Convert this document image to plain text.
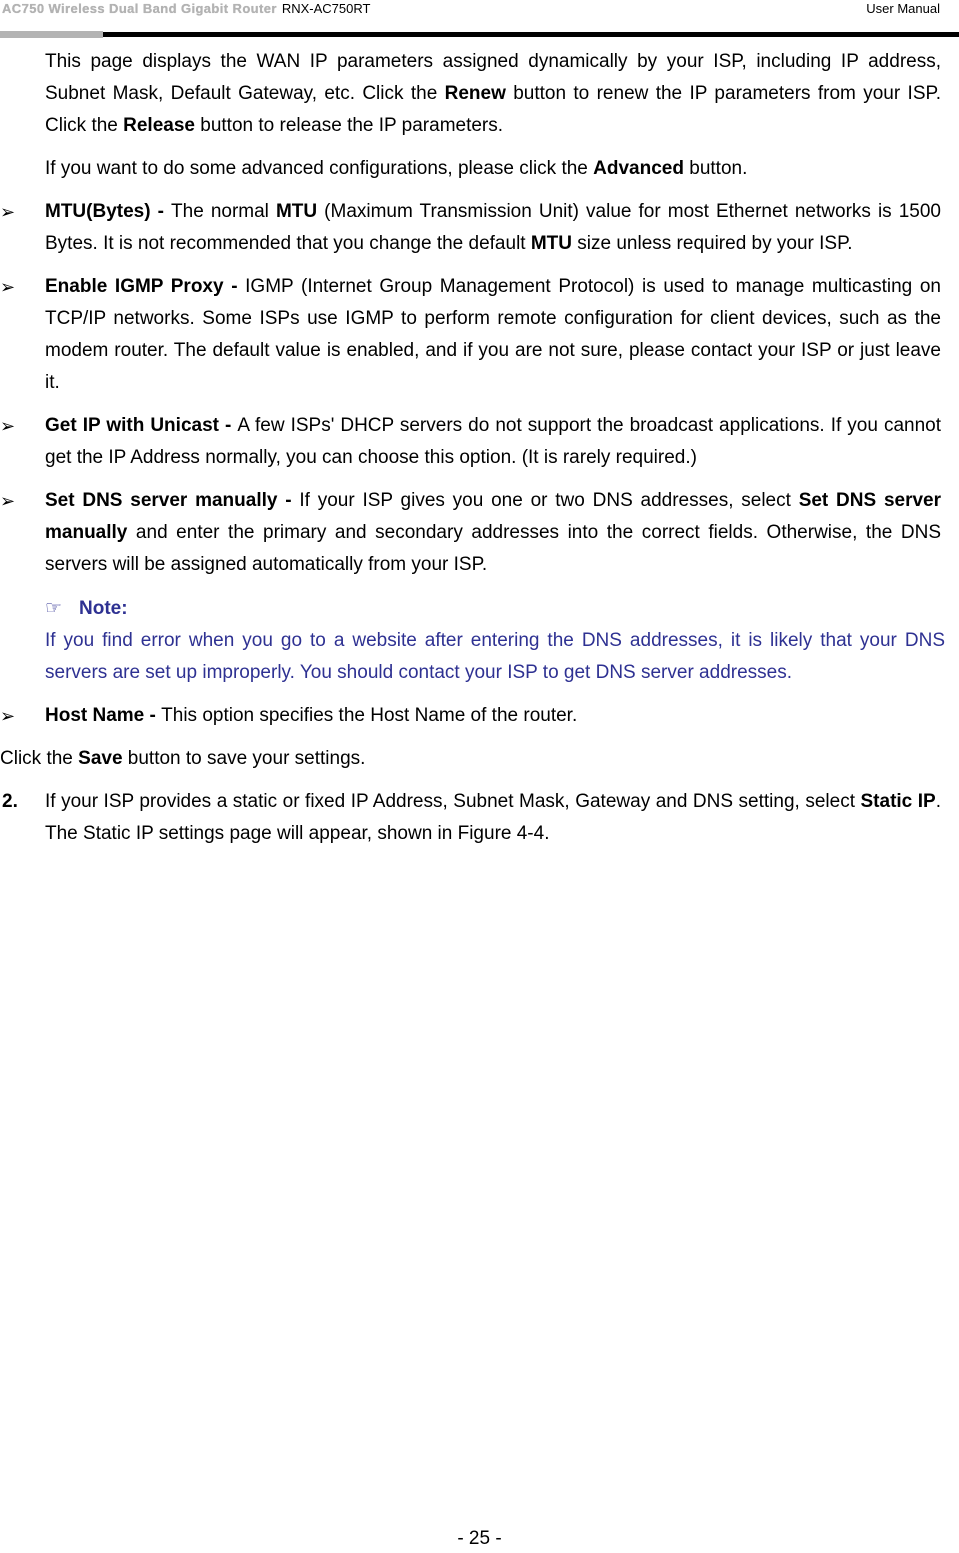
AC750 Wireless Dual Band Gigabit Router RNX-AC750RT	User Manual

This page displays the WAN IP parameters assigned dynamically by your ISP, including IP address, Subnet Mask, Default Gateway, etc. Click the Renew button to renew the IP parameters from your ISP. Click the Release button to release the IP parameters.

If you want to do some advanced configurations, please click the Advanced button.

➢ MTU(Bytes) - The normal MTU (Maximum Transmission Unit) value for most Ethernet networks is 1500 Bytes. It is not recommended that you change the default MTU size unless required by your ISP.
➢ Enable IGMP Proxy - IGMP (Internet Group Management Protocol) is used to manage multicasting on TCP/IP networks. Some ISPs use IGMP to perform remote configuration for client devices, such as the modem router. The default value is enabled, and if you are not sure, please contact your ISP or just leave it.
➢ Get IP with Unicast - A few ISPs' DHCP servers do not support the broadcast applications. If you cannot get the IP Address normally, you can choose this option. (It is rarely required.)
➢ Set DNS server manually - If your ISP gives you one or two DNS addresses, select Set DNS server manually and enter the primary and secondary addresses into the correct fields. Otherwise, the DNS servers will be assigned automatically from your ISP.
☞ Note:

If you find error when you go to a website after entering the DNS addresses, it is likely that your DNS servers are set up improperly. You should contact your ISP to get DNS server addresses.

➢ Host Name - This option specifies the Host Name of the router.

Click the Save button to save your settings.

2. If your ISP provides a static or fixed IP Address, Subnet Mask, Gateway and DNS setting, select Static IP. The Static IP settings page will appear, shown in Figure 4-4.
- 25 -
